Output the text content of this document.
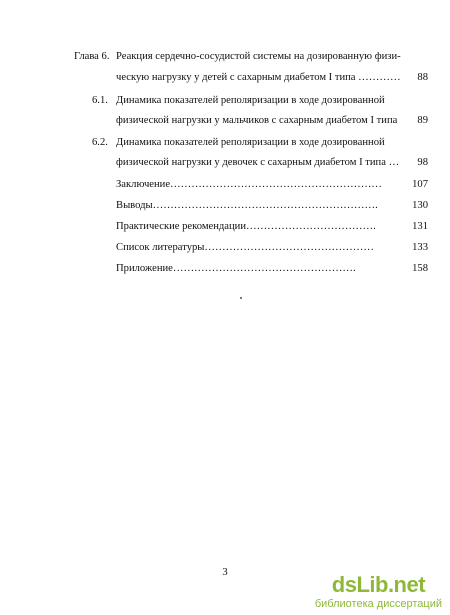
Глава 6. Реакция сердечно-сосудистой системы на дозированную физи-
ческую нагрузку у детей с сахарным диабетом I типа …………	88
6.1. Динамика показателей реполяризации в ходе дозированной
физической нагрузки у мальчиков с сахарным диабетом I типа	89
6.2. Динамика показателей реполяризации в ходе дозированной
физической нагрузки у девочек с сахарным диабетом I типа …	98
Заключение……………………………………………………	107
Выводы……………………………………………………….	130
Практические рекомендации……………………………….	131
Список литературы…………………………………………	133
Приложение…………………………………………….	158
3	dsLib.net
библиотека диссертаций
